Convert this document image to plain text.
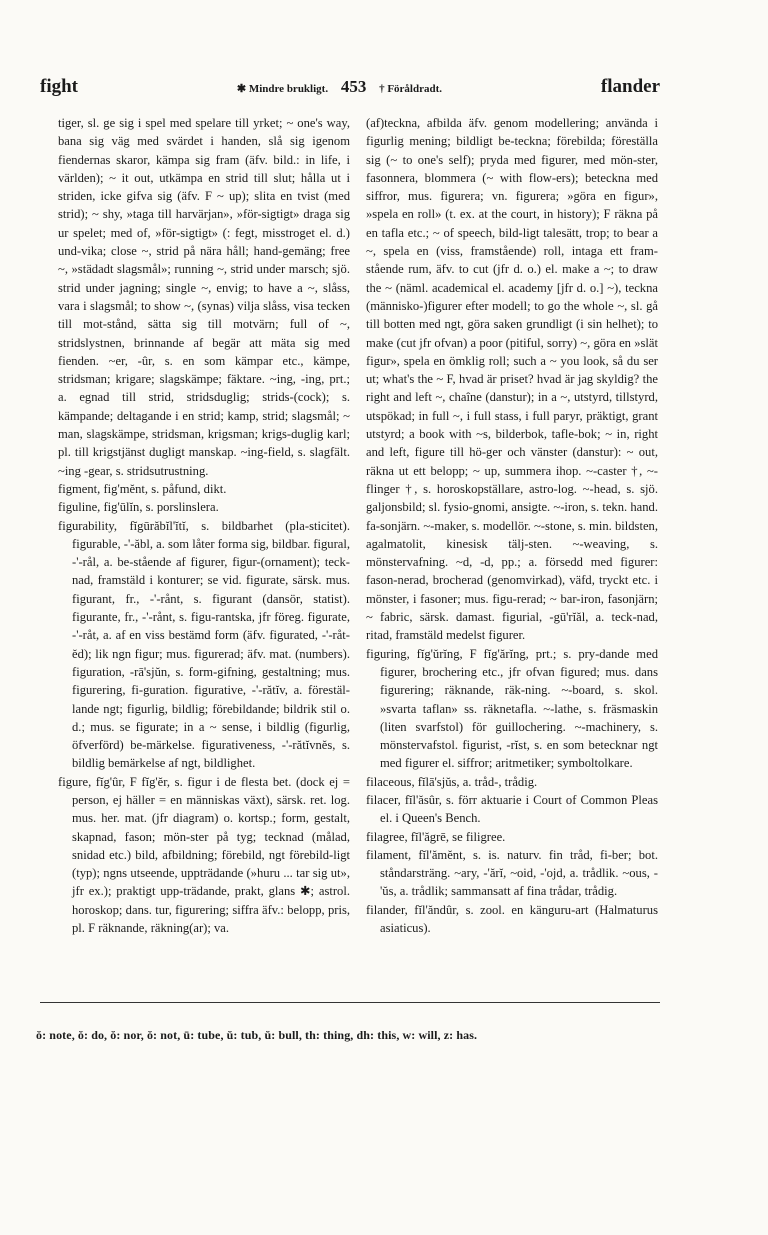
fight	✱ Mindre brukligt. 453 † Föråldradt.	flander

tiger, sl. ge sig i spel med spelare till yrket; ~ one's way, bana sig väg med svärdet i handen, slå sig igenom fiendernas skaror, kämpa sig fram (äfv. bild.: in life, i världen); ~ it out, utkämpa en strid till slut; hålla ut i striden, icke gifva sig (äfv. F ~ up); slita en tvist (med strid); ~ shy, »taga till harvärjan», »för-sigtigt» draga sig ur spelet; med of, »för-sigtigt» (: fegt, misstroget el. d.) und-vika; close ~, strid på nära håll; hand-gemäng; free ~, »städadt slagsmål»; running ~, strid under marsch; sjö. strid under jagning; single ~, envig; to have a ~, slåss, vara i slagsmål; to show ~, (synas) vilja slåss, visa tecken till mot-stånd, sätta sig till motvärn; full of ~, stridslystnen, brinnande af begär att mäta sig med fienden. ~er, -ûr, s. en som kämpar etc., kämpe, stridsman; krigare; slagskämpe; fäktare. ~ing, -ing, prt.; a. egnad till strid, stridsduglig; strids-(cock); s. kämpande; deltagande i en strid; kamp, strid; slagsmål; ~ man, slagskämpe, stridsman, krigsman; krigs-duglig karl; pl. till krigstjänst dugligt manskap. ~ing-field, s. slagfält. ~ing -gear, s. stridsutrustning.

figment, fig'mĕnt, s. påfund, dikt.

figuline, fig'ūlĭn, s. porslinslera.

figurability, fĭgūrăbĭl'ĭtĭ, s. bildbarhet (pla-sticitet). figurable, -'-ăbl, a. som låter forma sig, bildbar. figural, -'-rål, a. be-stående af figurer, figur-(ornament); teck-nad, framstäld i konturer; se vid. figurate, särsk. mus. figurant, fr., -'-rånt, s. figurant (dansör, statist). figurante, fr., -'-rånt, s. figu-rantska, jfr föreg. figurate, -'-råt, a. af en viss bestämd form (äfv. figurated, -'-råt-ĕd); lik ngn figur; mus. figurerad; äfv. mat. (numbers). figuration, -rā'sjŭn, s. form-gifning, gestaltning; mus. figurering, fi-guration. figurative, -'-rătĭv, a. förestäl-lande ngt; figurlig, bildlig; förebildande; bildrik stil o. d.; mus. se figurate; in a ~ sense, i bildlig (figurlig, öfverförd) be-märkelse. figurativeness, -'-rătĭvnĕs, s. bildlig bemärkelse af ngt, bildlighet.

figure, fĭg'ûr, F fĭg'ĕr, s. figur i de flesta bet. (dock ej = person, ej häller = en människas växt), särsk. ret. log. mus. her. mat. (jfr diagram) o. kortsp.; form, gestalt, skapnad, fason; mön-ster på tyg; tecknad (målad, snidad etc.) bild, afbildning; förebild, ngt förebild-ligt (typ); ngns utseende, uppträdande (»huru ... tar sig ut», jfr ex.); praktigt upp-trädande, prakt, glans ✱; astrol. horoskop; dans. tur, figurering; siffra äfv.: belopp, pris, pl. F räknande, räkning(ar); va.

(af)teckna, afbilda äfv. genom modellering; använda i figurlig mening; bildligt be-teckna; förebilda; föreställa sig (~ to one's self); pryda med figurer, med mön-ster, fasonnera, blommera (~ with flow-ers); beteckna med siffror, mus. figurera; vn. figurera; »göra en figur», »spela en roll» (t. ex. at the court, in history); F räkna på en tafla etc.; ~ of speech, bild-ligt talesätt, trop; to bear a ~, spela en (viss, framstående) roll, intaga ett fram-stående rum, äfv. to cut (jfr d. o.) el. make a ~; to draw the ~ (näml. academical el. academy [jfr d. o.] ~), teckna (människo-)figurer efter modell; to go the whole ~, sl. gå till botten med ngt, göra saken grundligt (i sin helhet); to make (cut jfr ofvan) a poor (pitiful, sorry) ~, göra en »slät figur», spela en ömklig roll; such a ~ you look, så du ser ut; what's the ~ F, hvad är priset? hvad är jag skyldig? the right and left ~, chaîne (danstur); in a ~, utstyrd, tillstyrd, utspökad; in full ~, i full stass, i full paryr, präktigt, grant utstyrd; a book with ~s, bilderbok, tafle-bok; ~ in, right and left, figure till hö-ger och vänster (danstur): ~ out, räkna ut ett belopp; ~ up, summera ihop. ~-caster †, ~-flinger †, s. horoskopställare, astro-log. ~-head, s. sjö. galjonsbild; sl. fysio-gnomi, ansigte. ~-iron, s. tekn. hand. fa-sonjärn. ~-maker, s. modellör. ~-stone, s. min. bildsten, agalmatolit, kinesisk tälj-sten. ~-weaving, s. mönstervafning. ~d, -d, pp.; a. försedd med figurer: fason-nerad, brocherad (genomvirkad), väfd, tryckt etc. i mönster, i fasoner; mus. figu-rerad; ~ bar-iron, fasonjärn; ~ fabric, särsk. damast. figurial, -gū'rĭăl, a. teck-nad, ritad, framstäld medelst figurer.

figuring, fĭg'ŭrĭng, F fĭg'ărĭng, prt.; s. pry-dande med figurer, brochering etc., jfr ofvan figured; mus. dans figurering; räknande, räk-ning. ~-board, s. skol. »svarta taflan» ss. räknetafla. ~-lathe, s. fräsmaskin (liten svarfstol) för guillochering. ~-machinery, s. mönstervafstol. figurist, -rĭst, s. en som betecknar ngt med figurer el. siffror; aritmetiker; symboltolkare.

filaceous, fĭlā'sjŭs, a. tråd-, trådig.

filacer, fĭl'ăsûr, s. förr aktuarie i Court of Common Pleas el. i Queen's Bench.

filagree, fĭl'ăgrē, se filigree.

filament, fĭl'ămĕnt, s. is. naturv. fin tråd, fi-ber; bot. ståndarsträng. ~ary, -'ărĭ, ~oid, -'ojd, a. trådlik. ~ous, -'ŭs, a. trådlik; sammansatt af fina trådar, trådig.

filander, fĭl'ăndûr, s. zool. en känguru-art (Halmaturus asiaticus).

ŏ: note, ŏ: do, ŏ: nor, ŏ: not, ū: tube, ŭ: tub, ŭ: bull, th: thing, dh: this, w: will, z: has.
